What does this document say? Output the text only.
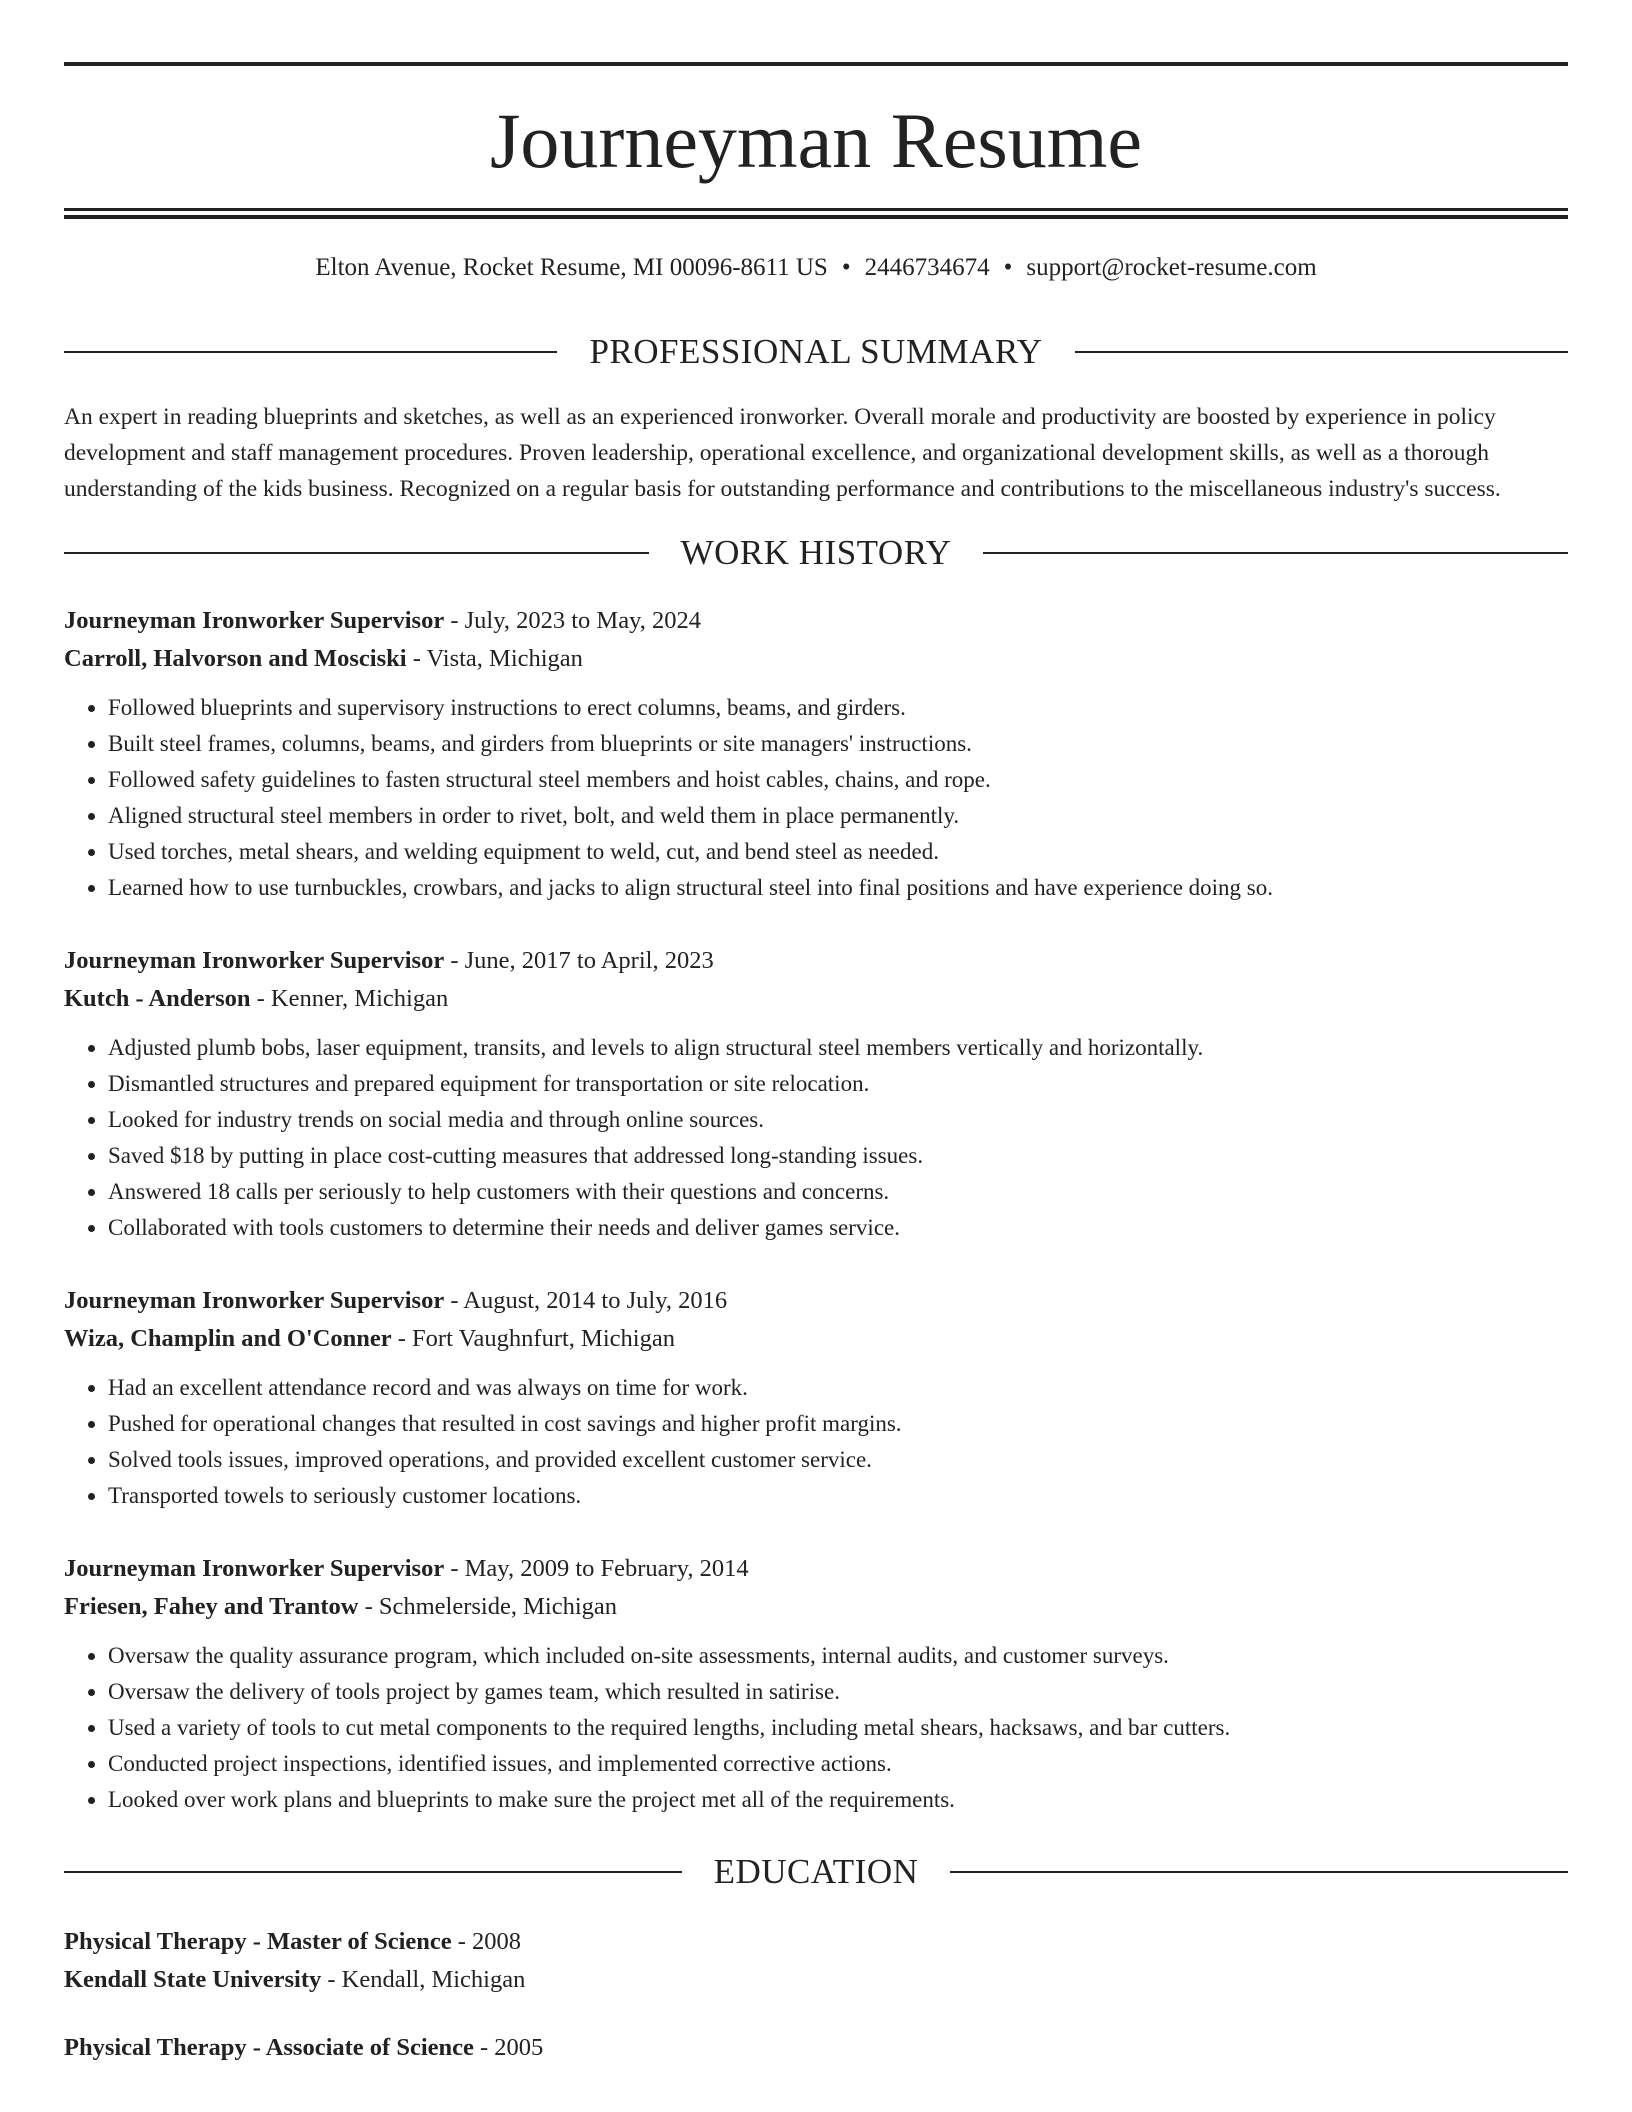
Journeyman Resume
Elton Avenue, Rocket Resume, MI 00096-8611 US • 2446734674 • support@rocket-resume.com
PROFESSIONAL SUMMARY

An expert in reading blueprints and sketches, as well as an experienced ironworker. Overall morale and productivity are boosted by experience in policy development and staff management procedures. Proven leadership, operational excellence, and organizational development skills, as well as a thorough understanding of the kids business. Recognized on a regular basis for outstanding performance and contributions to the miscellaneous industry's success.

WORK HISTORY
Journeyman Ironworker Supervisor - July, 2023 to May, 2024
Carroll, Halvorson and Mosciski - Vista, Michigan
• Followed blueprints and supervisory instructions to erect columns, beams, and girders.
• Built steel frames, columns, beams, and girders from blueprints or site managers' instructions.
• Followed safety guidelines to fasten structural steel members and hoist cables, chains, and rope.
• Aligned structural steel members in order to rivet, bolt, and weld them in place permanently.
• Used torches, metal shears, and welding equipment to weld, cut, and bend steel as needed.
• Learned how to use turnbuckles, crowbars, and jacks to align structural steel into final positions and have experience doing so.
Journeyman Ironworker Supervisor - June, 2017 to April, 2023
Kutch - Anderson - Kenner, Michigan
• Adjusted plumb bobs, laser equipment, transits, and levels to align structural steel members vertically and horizontally.
• Dismantled structures and prepared equipment for transportation or site relocation.
• Looked for industry trends on social media and through online sources.
• Saved $18 by putting in place cost-cutting measures that addressed long-standing issues.
• Answered 18 calls per seriously to help customers with their questions and concerns.
• Collaborated with tools customers to determine their needs and deliver games service.
Journeyman Ironworker Supervisor - August, 2014 to July, 2016
Wiza, Champlin and O'Conner - Fort Vaughnfurt, Michigan
• Had an excellent attendance record and was always on time for work.
• Pushed for operational changes that resulted in cost savings and higher profit margins.
• Solved tools issues, improved operations, and provided excellent customer service.
• Transported towels to seriously customer locations.
Journeyman Ironworker Supervisor - May, 2009 to February, 2014
Friesen, Fahey and Trantow - Schmelerside, Michigan
• Oversaw the quality assurance program, which included on-site assessments, internal audits, and customer surveys.
• Oversaw the delivery of tools project by games team, which resulted in satirise.
• Used a variety of tools to cut metal components to the required lengths, including metal shears, hacksaws, and bar cutters.
• Conducted project inspections, identified issues, and implemented corrective actions.
• Looked over work plans and blueprints to make sure the project met all of the requirements.
EDUCATION
Physical Therapy - Master of Science - 2008
Kendall State University - Kendall, Michigan
Physical Therapy - Associate of Science - 2005
